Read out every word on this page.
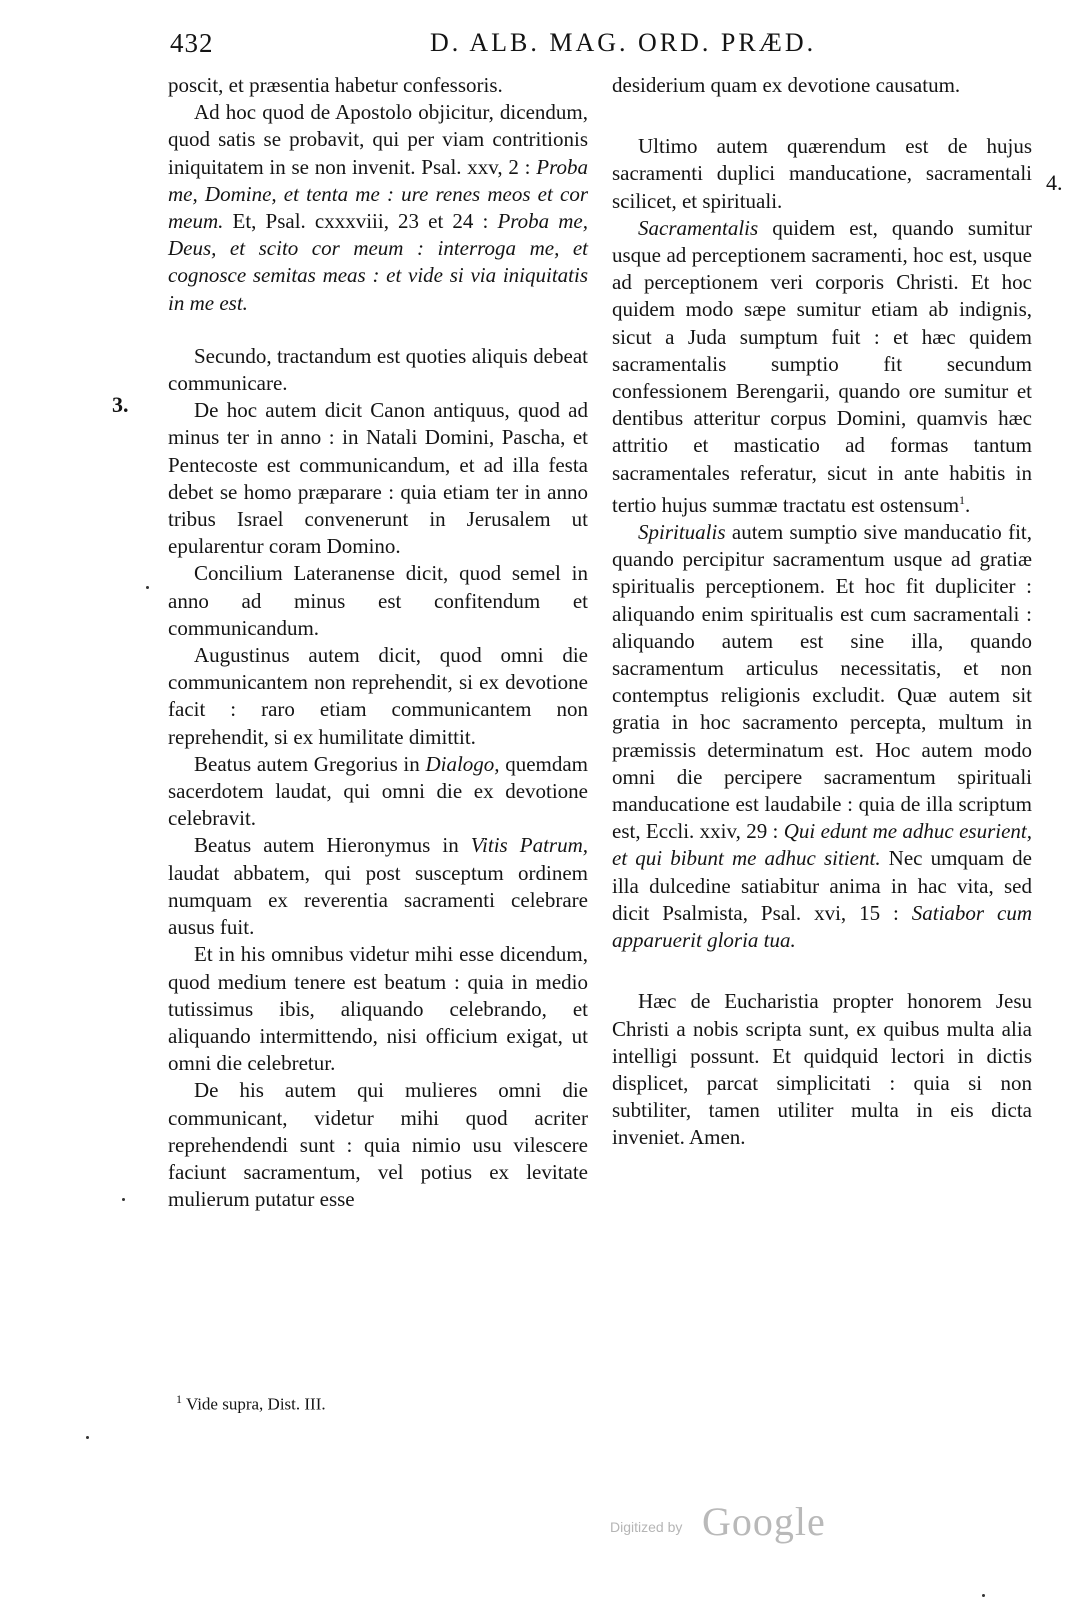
432	D. ALB. MAG. ORD. PRÆD.
3.
4.

poscit, et præsentia habetur confessoris.

Ad hoc quod de Apostolo objicitur, dicendum, quod satis se probavit, qui per viam contritionis iniquitatem in se non invenit. Psal. xxv, 2 : Proba me, Domine, et tenta me : ure renes meos et cor meum. Et, Psal. cxxxviii, 23 et 24 : Proba me, Deus, et scito cor meum : interroga me, et cognosce semitas meas : et vide si via iniquitatis in me est.

Secundo, tractandum est quoties aliquis debeat communicare.

De hoc autem dicit Canon antiquus, quod ad minus ter in anno : in Natali Domini, Pascha, et Pentecoste est communicandum, et ad illa festa debet se homo præparare : quia etiam ter in anno tribus Israel convenerunt in Jerusalem ut epularentur coram Domino.

Concilium Lateranense dicit, quod semel in anno ad minus est confitendum et communicandum.

Augustinus autem dicit, quod omni die communicantem non reprehendit, si ex devotione facit : raro etiam communicantem non reprehendit, si ex humilitate dimittit.

Beatus autem Gregorius in Dialogo, quemdam sacerdotem laudat, qui omni die ex devotione celebravit.

Beatus autem Hieronymus in Vitis Patrum, laudat abbatem, qui post susceptum ordinem numquam ex reverentia sacramenti celebrare ausus fuit.

Et in his omnibus videtur mihi esse dicendum, quod medium tenere est beatum : quia in medio tutissimus ibis, aliquando celebrando, et aliquando intermittendo, nisi officium exigat, ut omni die celebretur.

De his autem qui mulieres omni die communicant, videtur mihi quod acriter reprehendendi sunt : quia nimio usu vilescere faciunt sacramentum, vel potius ex levitate mulierum putatur esse

desiderium quam ex devotione causatum.

Ultimo autem quærendum est de hujus sacramenti duplici manducatione, sacramentali scilicet, et spirituali.

Sacramentalis quidem est, quando sumitur usque ad perceptionem sacramenti, hoc est, usque ad perceptionem veri corporis Christi. Et hoc quidem modo sæpe sumitur etiam ab indignis, sicut a Juda sumptum fuit : et hæc quidem sacramentalis sumptio fit secundum confessionem Berengarii, quando ore sumitur et dentibus atteritur corpus Domini, quamvis hæc attritio et masticatio ad formas tantum sacramentales referatur, sicut in ante habitis in tertio hujus summæ tractatu est ostensum$^1$.

Spiritualis autem sumptio sive manducatio fit, quando percipitur sacramentum usque ad gratiæ spiritualis perceptionem. Et hoc fit dupliciter : aliquando enim spiritualis est cum sacramentali : aliquando autem est sine illa, quando sacramentum articulus necessitatis, et non contemptus religionis excludit. Quæ autem sit gratia in hoc sacramento percepta, multum in præmissis determinatum est. Hoc autem modo omni die percipere sacramentum spirituali manducatione est laudabile : quia de illa scriptum est, Eccli. xxiv, 29 : Qui edunt me adhuc esurient, et qui bibunt me adhuc sitient. Nec umquam de illa dulcedine satiabitur anima in hac vita, sed dicit Psalmista, Psal. xvi, 15 : Satiabor cum apparuerit gloria tua.

Hæc de Eucharistia propter honorem Jesu Christi a nobis scripta sunt, ex quibus multa alia intelligi possunt. Et quidquid lectori in dictis displicet, parcat simplicitati : quia si non subtiliter, tamen utiliter multa in eis dicta inveniet. Amen.

$^1$ Vide supra, Dist. III.
Digitized by Google
